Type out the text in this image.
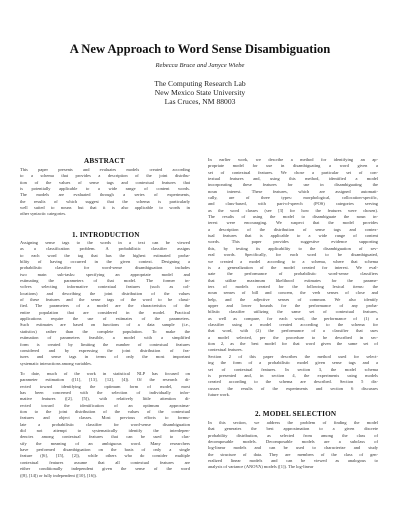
A New Approach to Word Sense Disambiguation
Rebecca Bruce and Janyce Wiebe
The Computing Research Lab
New Mexico State University
Las Cruces, NM 88003
ABSTRACT
This paper presents and evaluates models created according
to a schema that provides a description of the joint distribu-
tion of the values of sense tags and contextual features that
is potentially applicable to a wide range of content words.
The models are evaluated through a series of experiments,
the results of which suggest that the schema is particularly
well suited to nouns but that it is also applicable to words in
other syntactic categories.
1. INTRODUCTION
Assigning sense tags to the words in a text can be viewed
as a classification problem. A probabilistic classifier assigns
to each word the tag that has the highest estimated proba-
bility of having occurred in the given context. Designing a
probabilistic classifier for word-sense disambiguation includes
two main sub-tasks: specifying an appropriate model and
estimating the parameters of that model. The former in-
volves selecting informative contextual features (such as col-
locations) and describing the joint distribution of the values
of these features and the sense tags of the word to be classi-
fied. The parameters of a model are the characteristics of the
entire population that are considered in the model. Practical
applications require the use of estimates of the parameters.
Such estimates are based on functions of a data sample (i.e.,
statistics) rather than the complete population. To make the
estimation of parameters feasible, a model with a simplified
form is created by limiting the number of contextual features
considered and by expressing the joint distribution of fea-
tures and sense tags in terms of only the most important
systematic interactions among variables.
To date, much of the work in statistical NLP has focused on
parameter estimation ([11], [13], [12], [4]). Of the research di-
rected toward identifying the optimum form of model, most
has been concerned with the selection of individually infor-
mative features ([2], [5]), with relatively little attention di-
rected toward the identification of an optimum approxima-
tion to the joint distribution of the values of the contextual
features and object classes. Most previous efforts to formu-
late a probabilistic classifier for word-sense disambiguation
did not attempt to systematically identify the interdepen-
dencies among contextual features that can be used to clas-
sify the meaning of an ambiguous word. Many researchers
have performed disambiguation on the basis of only a single
feature ([6], [15], [2]), while others who do consider multiple
contextual features assume that all contextual features are
either conditionally independent given the sense of the word
([8], [14]) or fully independent ([10], [16]).
In earlier work, we describe a method for identifying an ap-
propriate model for use in disambiguating a word given a
set of contextual features. We chose a particular set of con-
textual features and, using this method, identified a model
incorporating these features for use in disambiguating the
noun interest. These features, which are assigned automati-
cally, are of three types: morphological, collocation-specific,
and class-based, with part-of-speech (POS) categories serving
as the word classes (see [3] for how the features were chosen).
The results of using the model to disambiguate the noun in-
terest were encouraging. We suspect that the model provides
a description of the distribution of sense tags and contex-
tual features that is applicable to a wide range of content
words. This paper provides suggestive evidence supporting
this, by testing its applicability to the disambiguation of sev-
eral words. Specifically, for each word to be disambiguated,
we created a model according to a schema, where that schema
is a generalization of the model created for interest. We eval-
uate the performance of probabilistic word-sense classifiers
that utilize maximum likelihood estimates for the parame-
ters of models created for the following lexical items: the
noun senses of bill and concern, the verb senses of close and
help, and the adjective senses of common. We also identify
upper and lower bounds for the performance of any proba-
bilistic classifier utilizing the same set of contextual features,
as well as compare, for each word, the performance of (1) a
classifier using a model created according to the schema for
that word, with (2) the performance of a classifier that uses
a model selected, per the procedure to be described in sec-
tion 2, as the best model for that word given the same set of
contextual features.
Section 2 of this paper describes the method used for select-
ing the form of a probabilistic model given sense tags and a
set of contextual features. In section 3, the model schema
is presented and, in section 4, the experiments using models
created according to the schema are described. Section 5 dis-
cusses the results of the experiments and section 6 discusses
future work.
2. MODEL SELECTION
In this section, we address the problem of finding the model
that generates the best approximation to a given discrete
probability distribution, as selected from among the class of
decomposable models. Decomposable models are a subclass of
log-linear models and can be used to characterize and study
the structure of data. They are members of the class of gen-
eralized linear models and can be viewed as analogous to
analysis of variance (ANOVA) models ([1]). The log-linear
